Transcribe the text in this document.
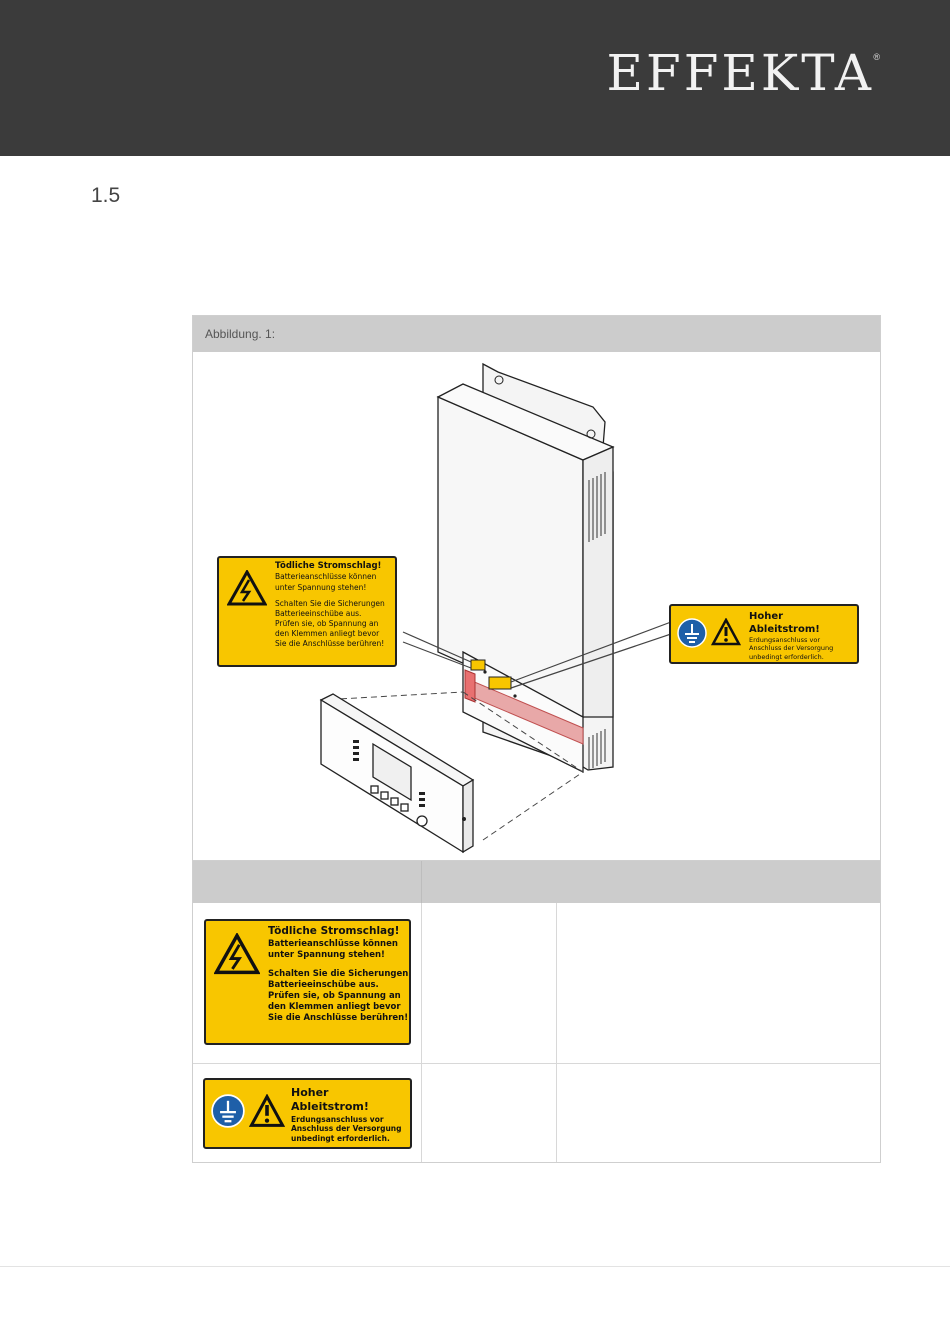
EFFEKTA ®
1.5
Abbildung. 1:
Tödliche Stromschlag!
Batterieanschlüsse können
unter Spannung stehen!
Schalten Sie die Sicherungen
Batterieeinschübe aus.
Prüfen sie, ob Spannung an
den Klemmen anliegt bevor
Sie die Anschlüsse berühren!
Hoher Ableitstrom!
Erdungsanschluss vor
Anschluss der Versorgung
unbedingt erforderlich.
Tödliche Stromschlag!
Batterieanschlüsse können
unter Spannung stehen!
Schalten Sie die Sicherungen
Batterieeinschübe aus.
Prüfen sie, ob Spannung an
den Klemmen anliegt bevor
Sie die Anschlüsse berühren!
Hoher Ableitstrom!
Erdungsanschluss vor
Anschluss der Versorgung
unbedingt erforderlich.
